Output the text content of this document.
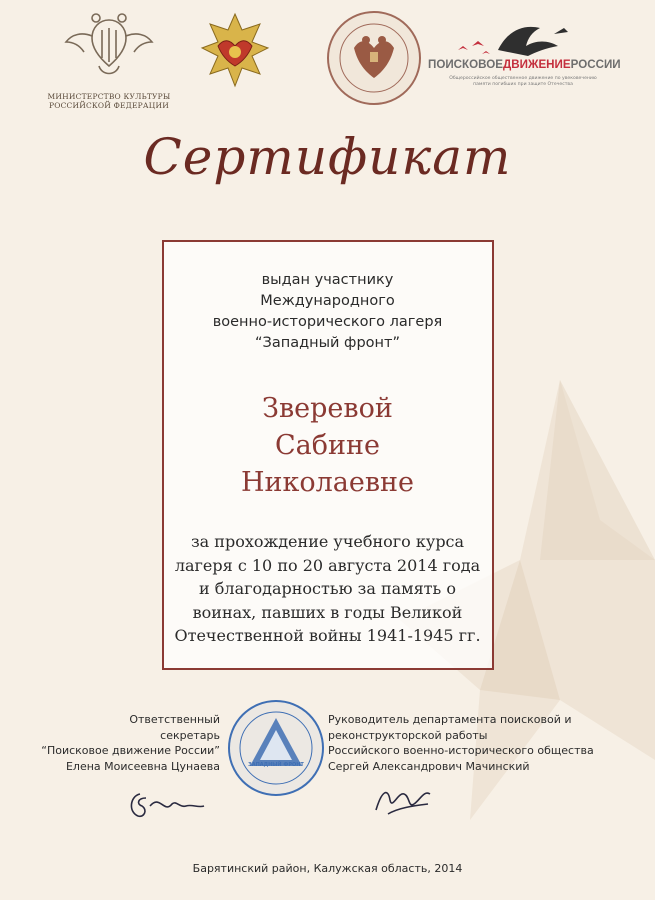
МИНИСТЕРСТВО КУЛЬТУРЫ
РОССИЙСКОЙ ФЕДЕРАЦИИ
ПОИСКОВОЕДВИЖЕНИЕРОССИИ
Общероссийское общественное движение по увековечению памяти погибших при защите Отечества
Сертификат
выдан участнику
Международного
военно-исторического лагеря
“Западный фронт”
Зверевой
Сабине
Николаевне
за прохождение учебного курса
лагеря с 10 по 20 августа 2014 года
и благодарностью за память о
воинах, павших в годы Великой
Отечественной войны 1941-1945 гг.
Ответственный
секретарь
“Поисковое движение России”
Елена Моисеевна Цунаева
Руководитель департамента поисковой и
реконструкторской работы
Российского военно-исторического общества
Сергей Александрович Мачинский
ЗАПАДНЫЙ ФРОНТ
Барятинский район, Калужская область, 2014
